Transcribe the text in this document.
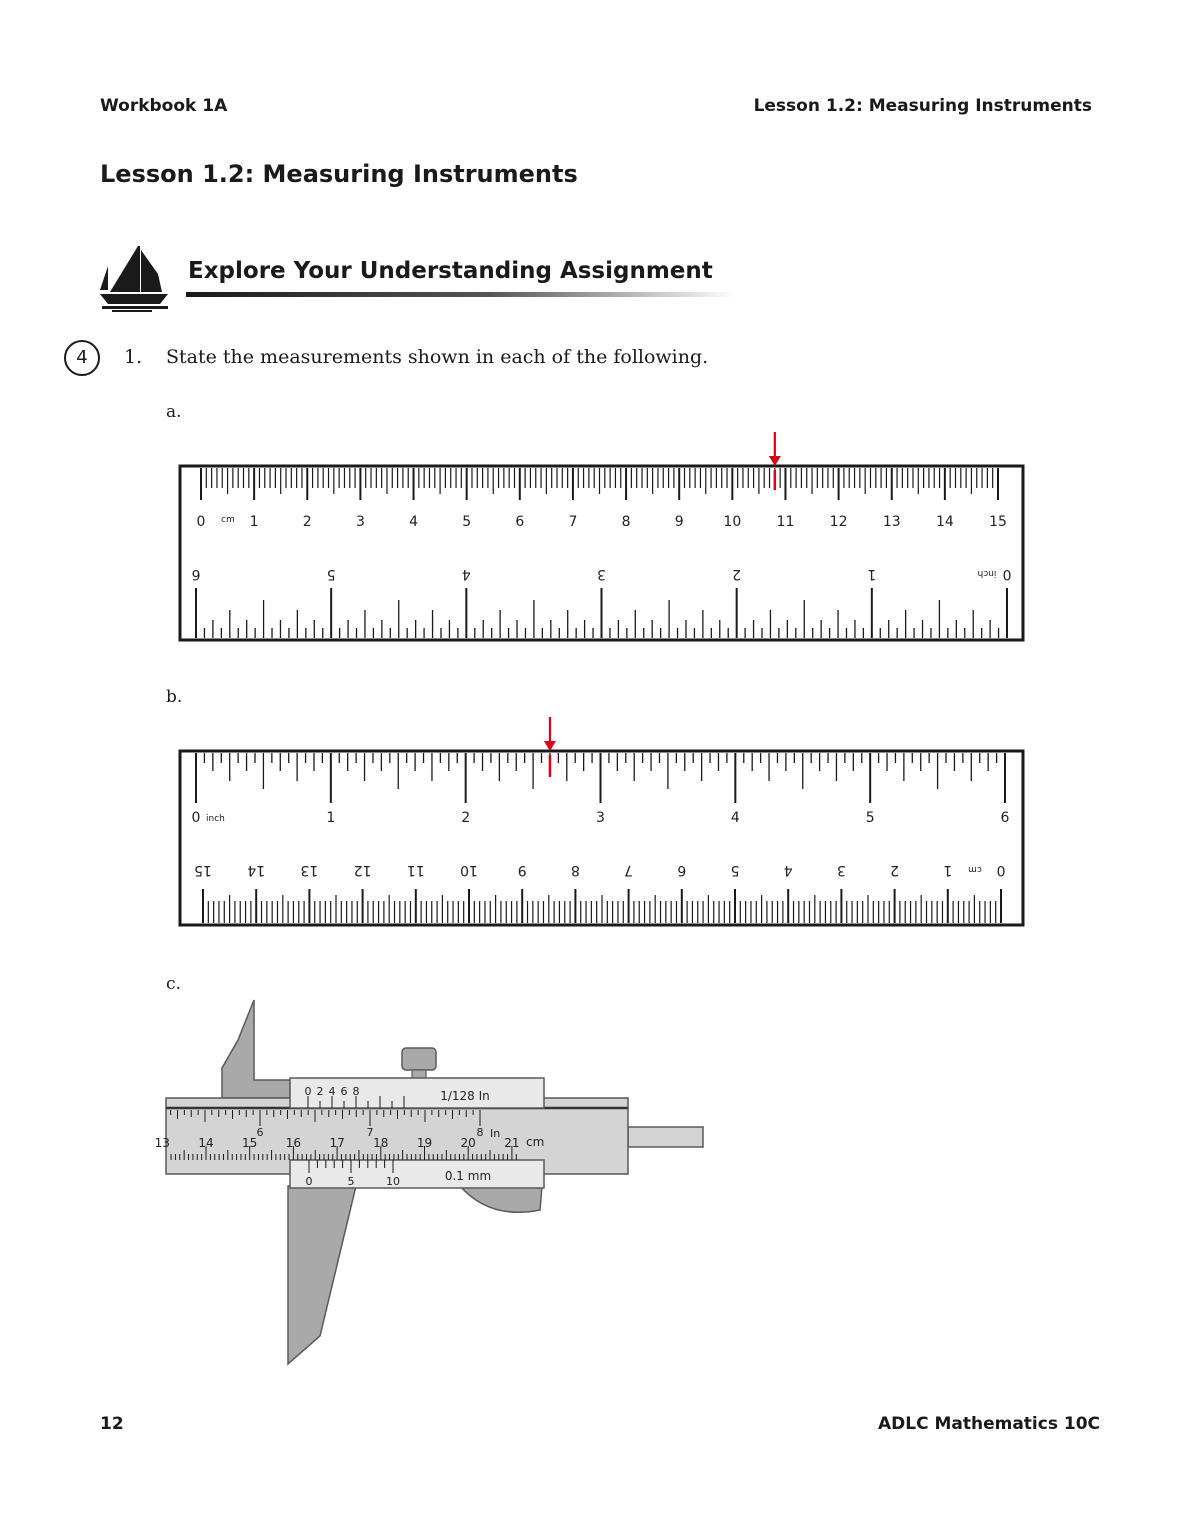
Workbook 1A	Lesson 1.2: Measuring Instruments
Lesson 1.2: Measuring Instruments
Explore Your Understanding Assignment
4	1. State the measurements shown in each of the following.
a.
b.
c.
0	1	2	3	4	5	6	7	8	9	10	11	12	13	14	15
cm
0
1
2
3
4
5
6	inch
0	1	2	3	4	5	6
inch
0
1
2
3
4
5
6
7
8
9
10
11
12
13
14
15	cm
6	7	8 In
13 14 15 16 17 18 19 20 21 cm
0 2 4 6 8	1/128 In
0	5	10	0.1 mm
12	ADLC Mathematics 10C
